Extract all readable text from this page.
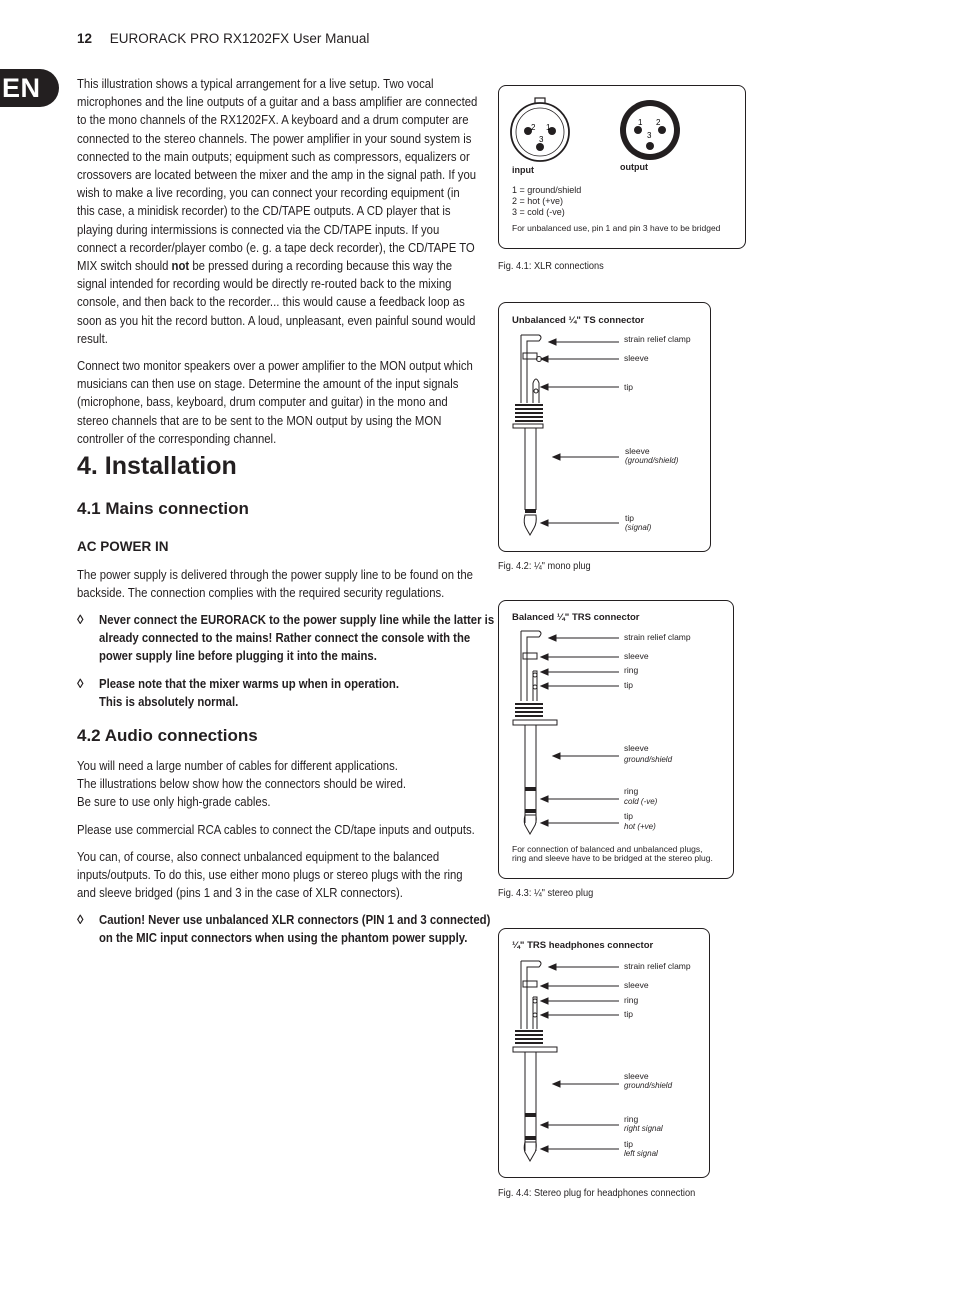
12 EURORACK PRO RX1202FX User Manual
EN	This illustration shows a typical arrangement for a live setup. Two vocal microphones and the line outputs of a guitar and a bass amplifier are connected to the mono channels of the RX1202FX. A keyboard and a drum computer are connected to the stereo channels. The power amplifier in your sound system is connected to the main outputs; equipment such as compressors, equalizers or crossovers are located between the mixer and the amp in the signal path. If you wish to make a live recording, you can connect your recording equipment (in this case, a minidisk recorder) to the CD/TAPE outputs. A CD player that is playing during intermissions is connected via the CD/TAPE inputs. If you connect a recorder/player combo (e. g. a tape deck recorder), the CD/TAPE TO MIX switch should not be pressed during a recording because this way the signal intended for recording would be directly re-routed back to the mixing console, and then back to the recorder... this would cause a feedback loop as soon as you hit the record button. A loud, unpleasant, even painful sound would result.

Connect two monitor speakers over a power amplifier to the MON output which musicians can then use on stage. Determine the amount of the input signals (microphone, bass, keyboard, drum computer and guitar) in the mono and stereo channels that are to be sent to the MON output by using the MON controller of the corresponding channel.

4. Installation
4.1 Mains connection
AC POWER IN

The power supply is delivered through the power supply line to be found on the backside. The connection complies with the required security regulations.

◊ Never connect the EURORACK to the power supply line while the latter is already connected to the mains! Rather connect the console with the power supply line before plugging it into the mains.
◊ Please note that the mixer warms up when in operation.
This is absolutely normal.
4.2 Audio connections

You will need a large number of cables for different applications.

The illustrations below show how the connectors should be wired.

Be sure to use only high-grade cables.

Please use commercial RCA cables to connect the CD/tape inputs and outputs.

You can, of course, also connect unbalanced equipment to the balanced inputs/outputs. To do this, use either mono plugs or stereo plugs with the ring and sleeve bridged (pins 1 and 3 in the case of XLR connectors).

◊ Caution! Never use unbalanced XLR connectors (PIN 1 and 3 connected) on the MIC input connectors when using the phantom power supply.
2 1
3
1 2
3
input	output
1 = ground/shield
2 = hot (+ve)
3 = cold (-ve)
For unbalanced use, pin 1 and pin 3 have to be bridged
Fig. 4.1: XLR connections
Unbalanced ¼" TS connector
strain relief clamp
sleeve
tip
sleeve
(ground/shield)
tip
(signal)
Fig. 4.2: ¼" mono plug
Balanced ¼" TRS connector
strain relief clamp
sleeve
ring
tip
sleeve
ground/shield
ring
cold (-ve)
tip
hot (+ve)
For connection of balanced and unbalanced plugs,
ring and sleeve have to be bridged at the stereo plug.
Fig. 4.3: ¼" stereo plug
¼" TRS headphones connector
strain relief clamp
sleeve
ring
tip
sleeve
ground/shield
ring
right signal
tip
left signal
Fig. 4.4: Stereo plug for headphones connection
